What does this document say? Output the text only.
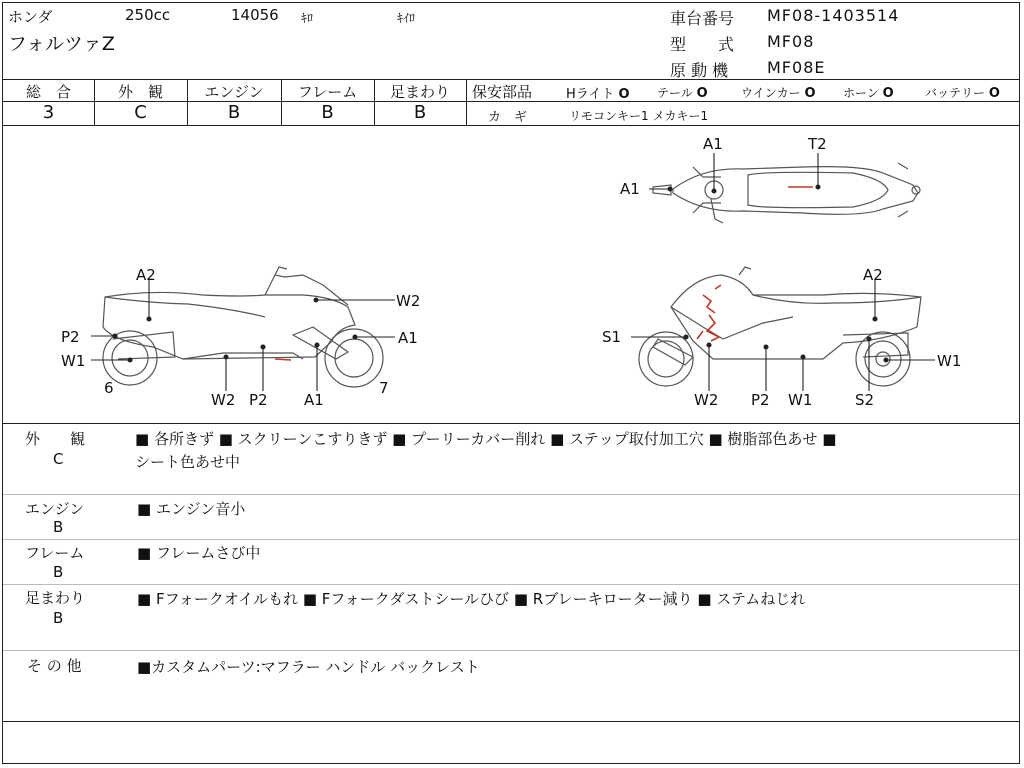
ホンダ	250cc	14056 ｷﾛ	ｷｲﾛ
フォルツァZ
車台番号 MF08-1403514
型　　式 MF08
原 動 機 MF08E
総　合	外　観	エンジン	フレーム	足まわり
3	C	B	B	B
保安部品	Hライト O テール O	ウインカー O ホーン O	バッテリー O
カ　ギ	リモコンキー1 メカキー1
A2
W2
A1
P2
W1
6	7
W2 P2 A1
A1	T2
A1
A2
S1
W1
W2 P2 W1	S2
外　　観
C
■ 各所きず ■ スクリーンこすりきず ■ プーリーカバー削れ ■ ステップ取付加工穴 ■ 樹脂部色あせ ■
シート色あせ中
エンジン
B
■ エンジン音小
フレーム
B
■ フレームさび中
足まわり
B
■ Fフォークオイルもれ ■ Fフォークダストシールひび ■ Rブレーキローター減り ■ ステムねじれ
そ の 他	■カスタムパーツ:マフラー ハンドル バックレスト
